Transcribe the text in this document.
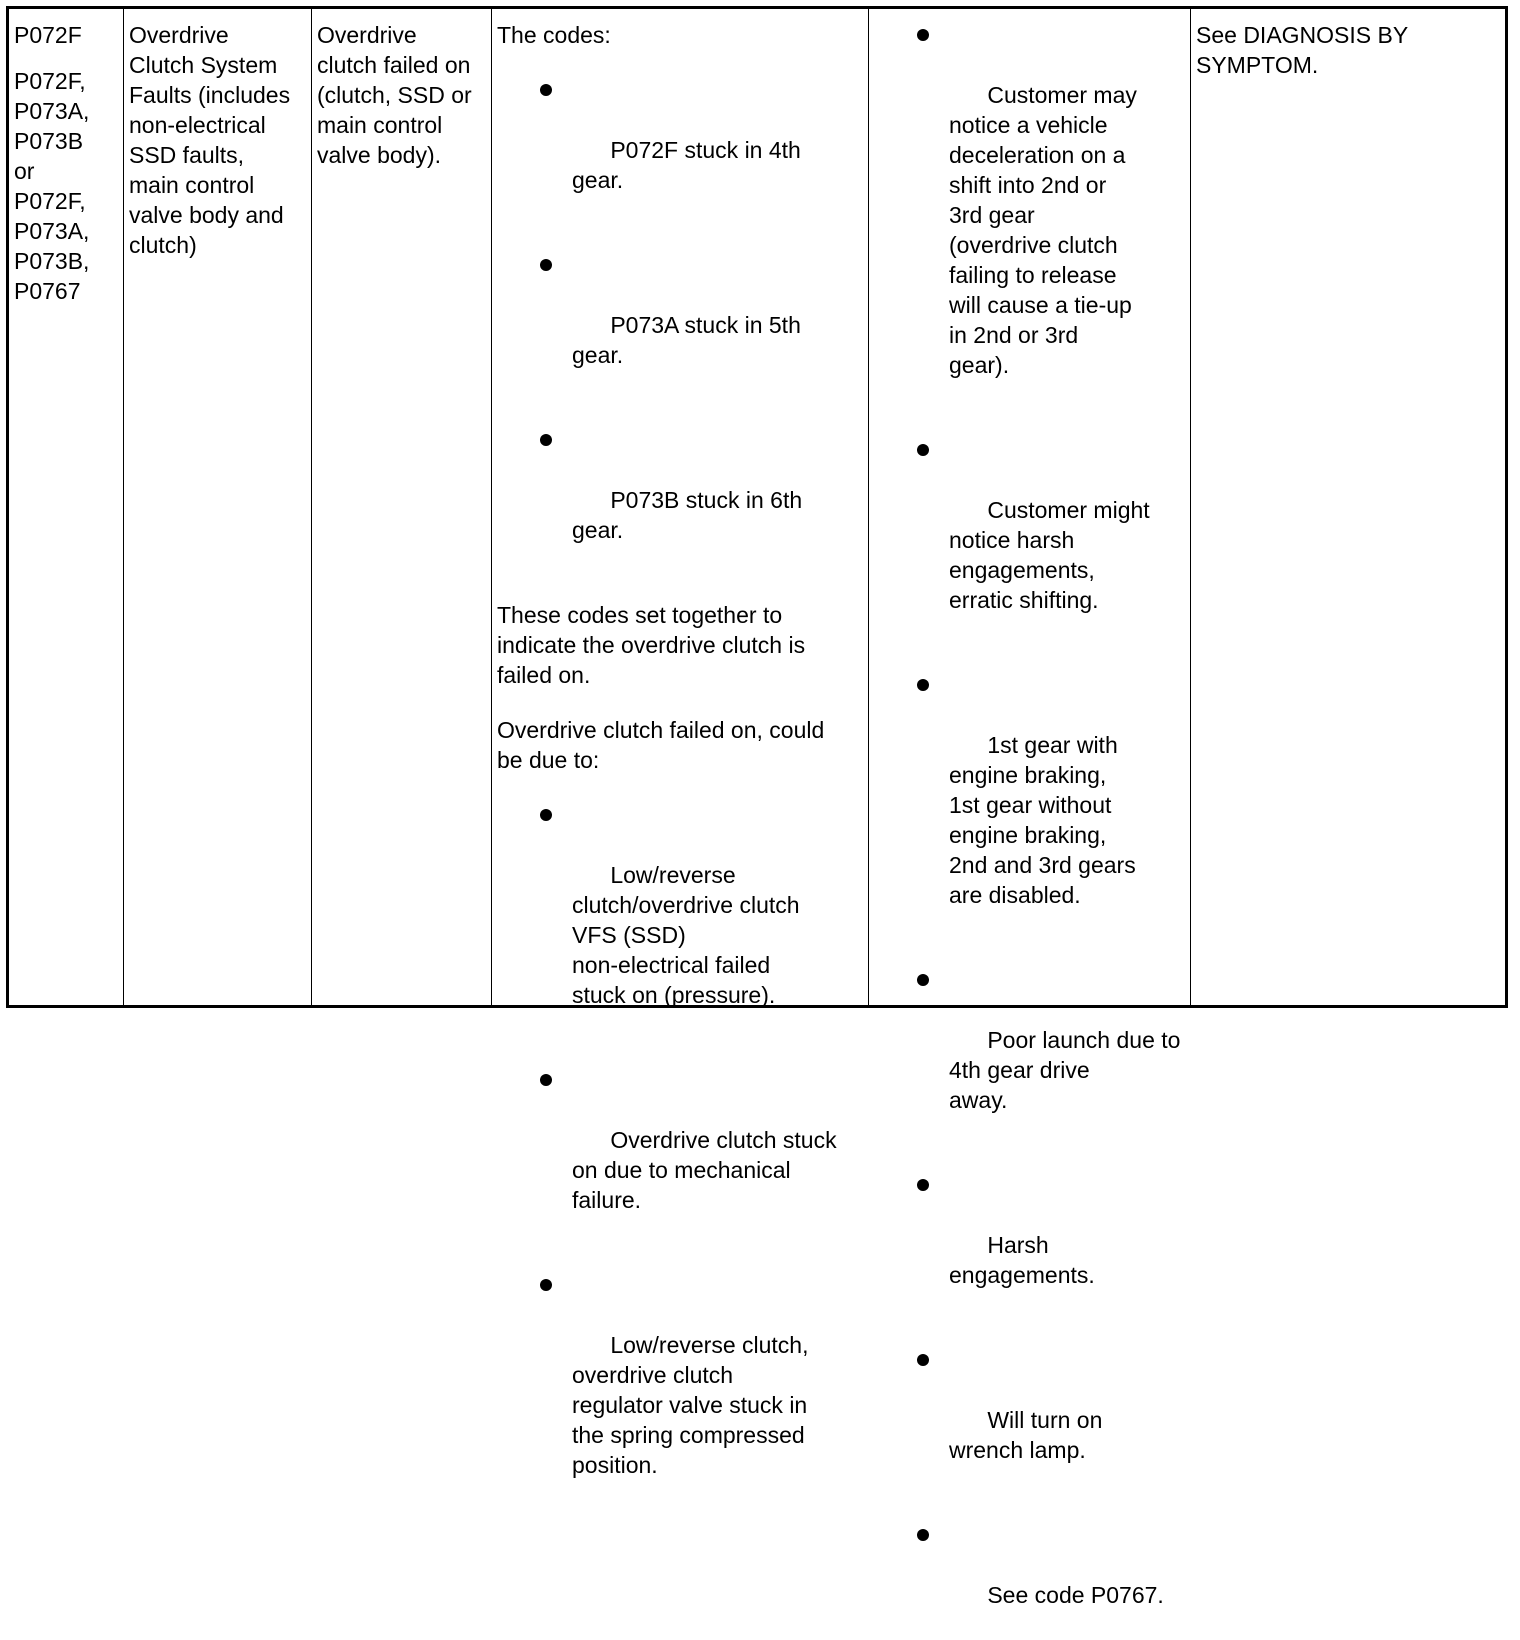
P072F
P072F,
P073A,
P073B
or
P072F,
P073A,
P073B,
P0767
Overdrive
Clutch System
Faults (includes
non-electrical
SSD faults,
main control
valve body and
clutch)
Overdrive
clutch failed on
(clutch, SSD or
main control
valve body).
The codes:

P072F stuck in 4th
gear.

P073A stuck in 5th
gear.

P073B stuck in 6th
gear.

These codes set together to
indicate the overdrive clutch is
failed on.
Overdrive clutch failed on, could
be due to:

Low/reverse
clutch/overdrive clutch
VFS (SSD)
non-electrical failed
stuck on (pressure).

Overdrive clutch stuck
on due to mechanical
failure.

Low/reverse clutch,
overdrive clutch
regulator valve stuck in
the spring compressed
position.

Customer may
notice a vehicle
deceleration on a
shift into 2nd or
3rd gear
(overdrive clutch
failing to release
will cause a tie-up
in 2nd or 3rd
gear).

Customer might
notice harsh
engagements,
erratic shifting.

1st gear with
engine braking,
1st gear without
engine braking,
2nd and 3rd gears
are disabled.

Poor launch due to
4th gear drive
away.

Harsh
engagements.

Will turn on
wrench lamp.

See code P0767.

See DIAGNOSIS BY
SYMPTOM.
